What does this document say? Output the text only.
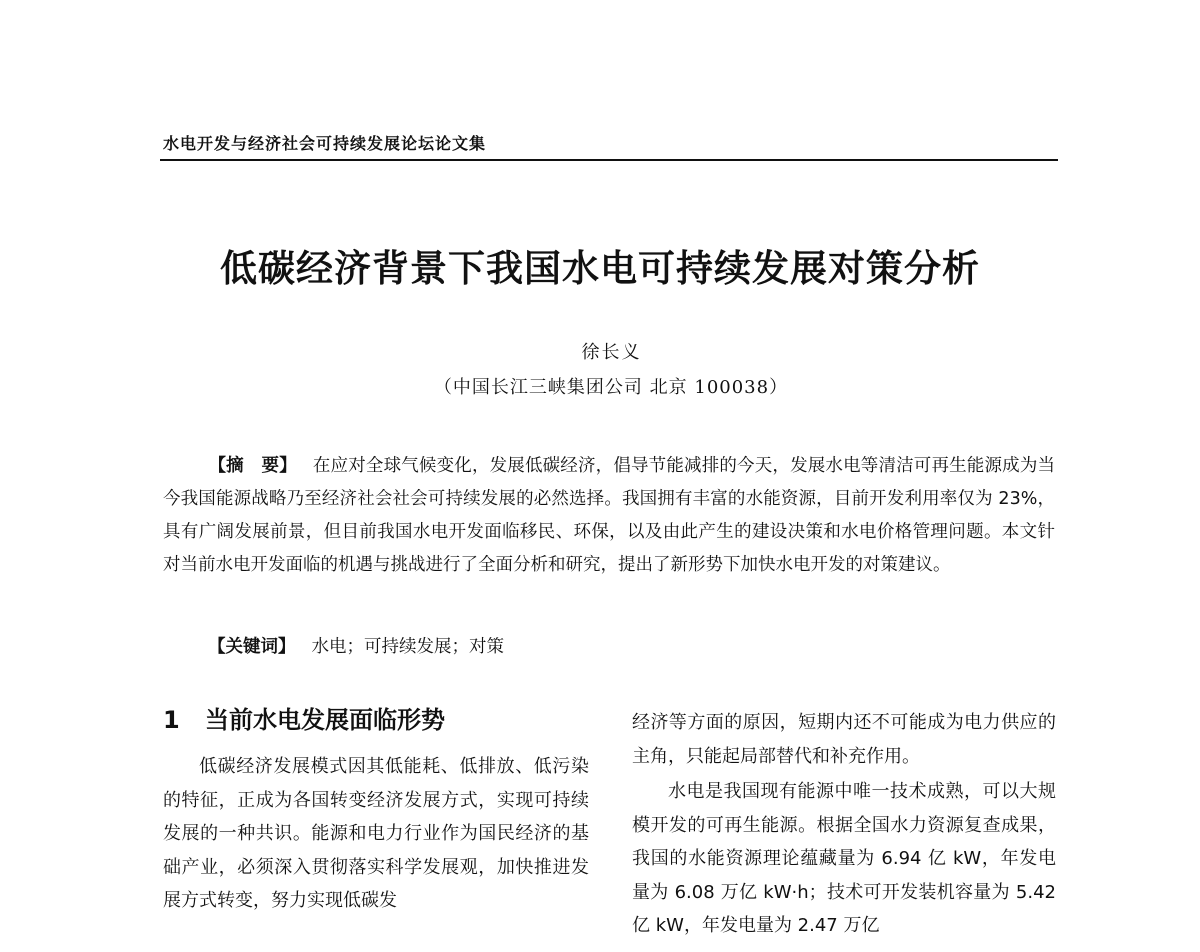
水电开发与经济社会可持续发展论坛论文集
低碳经济背景下我国水电可持续发展对策分析
徐长义
（中国长江三峡集团公司 北京 100038）

【摘　要】 在应对全球气候变化，发展低碳经济，倡导节能减排的今天，发展水电等清洁可再生能源成为当今我国能源战略乃至经济社会社会可持续发展的必然选择。我国拥有丰富的水能资源，目前开发利用率仅为 23%，具有广阔发展前景，但目前我国水电开发面临移民、环保，以及由此产生的建设决策和水电价格管理问题。本文针对当前水电开发面临的机遇与挑战进行了全面分析和研究，提出了新形势下加快水电开发的对策建议。

【关键词】 水电；可持续发展；对策
1 当前水电发展面临形势

低碳经济发展模式因其低能耗、低排放、低污染的特征，正成为各国转变经济发展方式，实现可持续发展的一种共识。能源和电力行业作为国民经济的基础产业，必须深入贯彻落实科学发展观，加快推进发展方式转变，努力实现低碳发

经济等方面的原因，短期内还不可能成为电力供应的主角，只能起局部替代和补充作用。

水电是我国现有能源中唯一技术成熟，可以大规模开发的可再生能源。根据全国水力资源复查成果，我国的水能资源理论蕴藏量为 6.94 亿 kW，年发电量为 6.08 万亿 kW·h；技术可开发装机容量为 5.42 亿 kW，年发电量为 2.47 万亿
